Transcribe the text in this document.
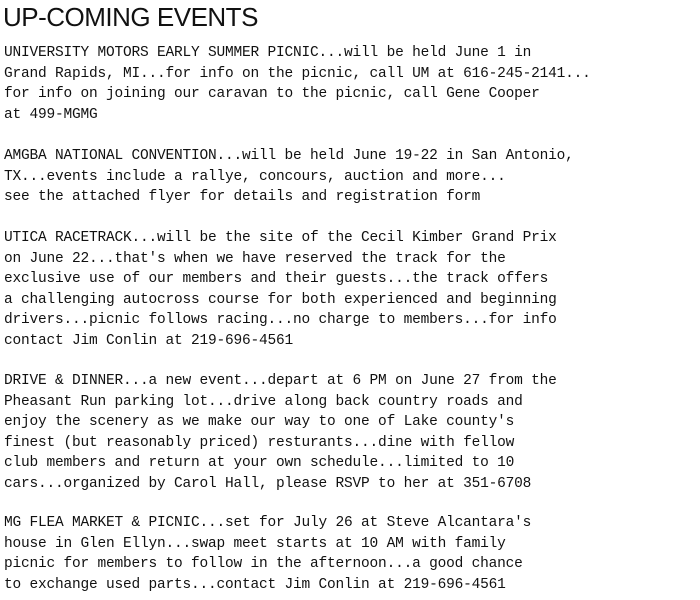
UP-COMING EVENTS
UNIVERSITY MOTORS EARLY SUMMER PICNIC...will be held June 1 in
Grand Rapids, MI...for info on the picnic, call UM at 616-245-2141...
for info on joining our caravan to the picnic, call Gene Cooper
at 499-MGMG
AMGBA NATIONAL CONVENTION...will be held June 19-22 in San Antonio,
TX...events include a rallye, concours, auction and more...
see the attached flyer for details and registration form
UTICA RACETRACK...will be the site of the Cecil Kimber Grand Prix
on June 22...that's when we have reserved the track for the
exclusive use of our members and their guests...the track offers
a challenging autocross course for both experienced and beginning
drivers...picnic follows racing...no charge to members...for info
contact Jim Conlin at 219-696-4561
DRIVE & DINNER...a new event...depart at 6 PM on June 27 from the
Pheasant Run parking lot...drive along back country roads and
enjoy the scenery as we make our way to one of Lake county's
finest (but reasonably priced) resturants...dine with fellow
club members and return at your own schedule...limited to 10
cars...organized by Carol Hall, please RSVP to her at 351-6708
MG FLEA MARKET & PICNIC...set for July 26 at Steve Alcantara's
house in Glen Ellyn...swap meet starts at 10 AM with family
picnic for members to follow in the afternoon...a good chance
to exchange used parts...contact Jim Conlin at 219-696-4561
